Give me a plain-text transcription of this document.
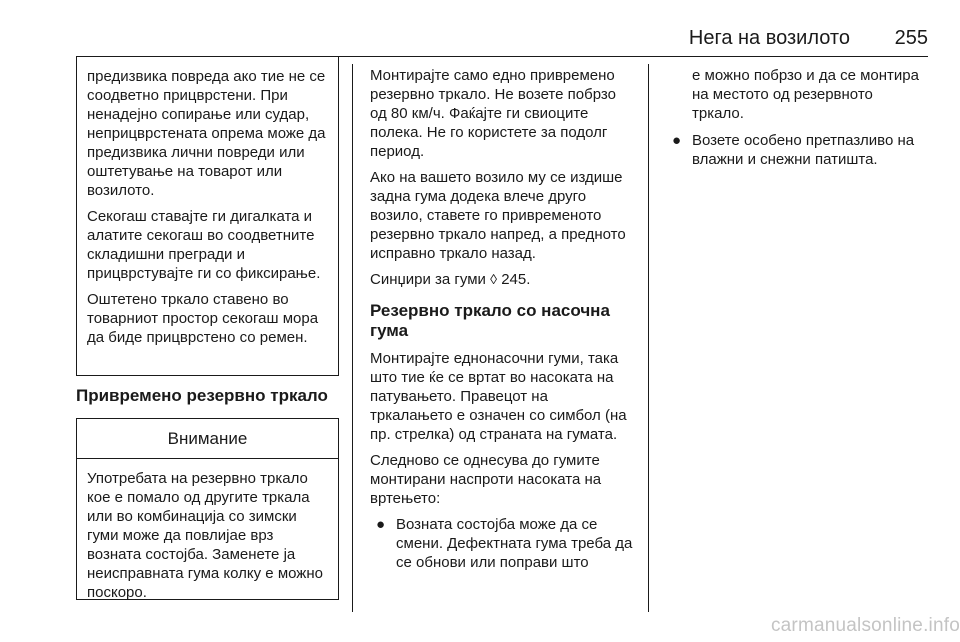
Нега на возилото	255

предизвика повреда ако тие не се соодветно прицврстени. При ненадејно сопирање или судар, неприцврстената опрема може да предизвика лични повреди или оштетување на товарот или возилото.

Секогаш ставајте ги дигалката и алатите секогаш во соодветните складишни прегради и прицврстувајте ги со фиксирање.

Оштетено тркало ставено во товарниот простор секогаш мора да биде прицврстено со ремен.

Привремено резервно тркало

Внимание

Употребата на резервно тркало кое е помало од другите тркала или во комбинација со зимски гуми може да повлијае врз возната состојба. Заменете ја неисправната гума колку е можно поскоро.

Монтирајте само едно привремено резервно тркало. Не возете побрзо од 80 км/ч. Фаќајте ги свиоците полека. Не го користете за подолг период.

Ако на вашето возило му се издише задна гума додека влече друго возило, ставете го привремeното резервно тркало напред, а предното исправно тркало назад.

Синџири за гуми ◊ 245.

Резервно тркало со насочна гума

Монтирајте еднонасочни гуми, така што тие ќе се вртат во насоката на патувањето. Правецот на тркалањето е означен со симбол (на пр. стрелка) од страната на гумата.

Следново се однесува до гумите монтирани наспроти насоката на вртењето:

● Возната состојба може да се смени. Дефектната гума треба да се обнови или поправи што
е можно побрзо и да се монтира на местото од резервното тркало.
● Возете особено претпазливо на влажни и снежни патишта.
carmanualsonline.info
